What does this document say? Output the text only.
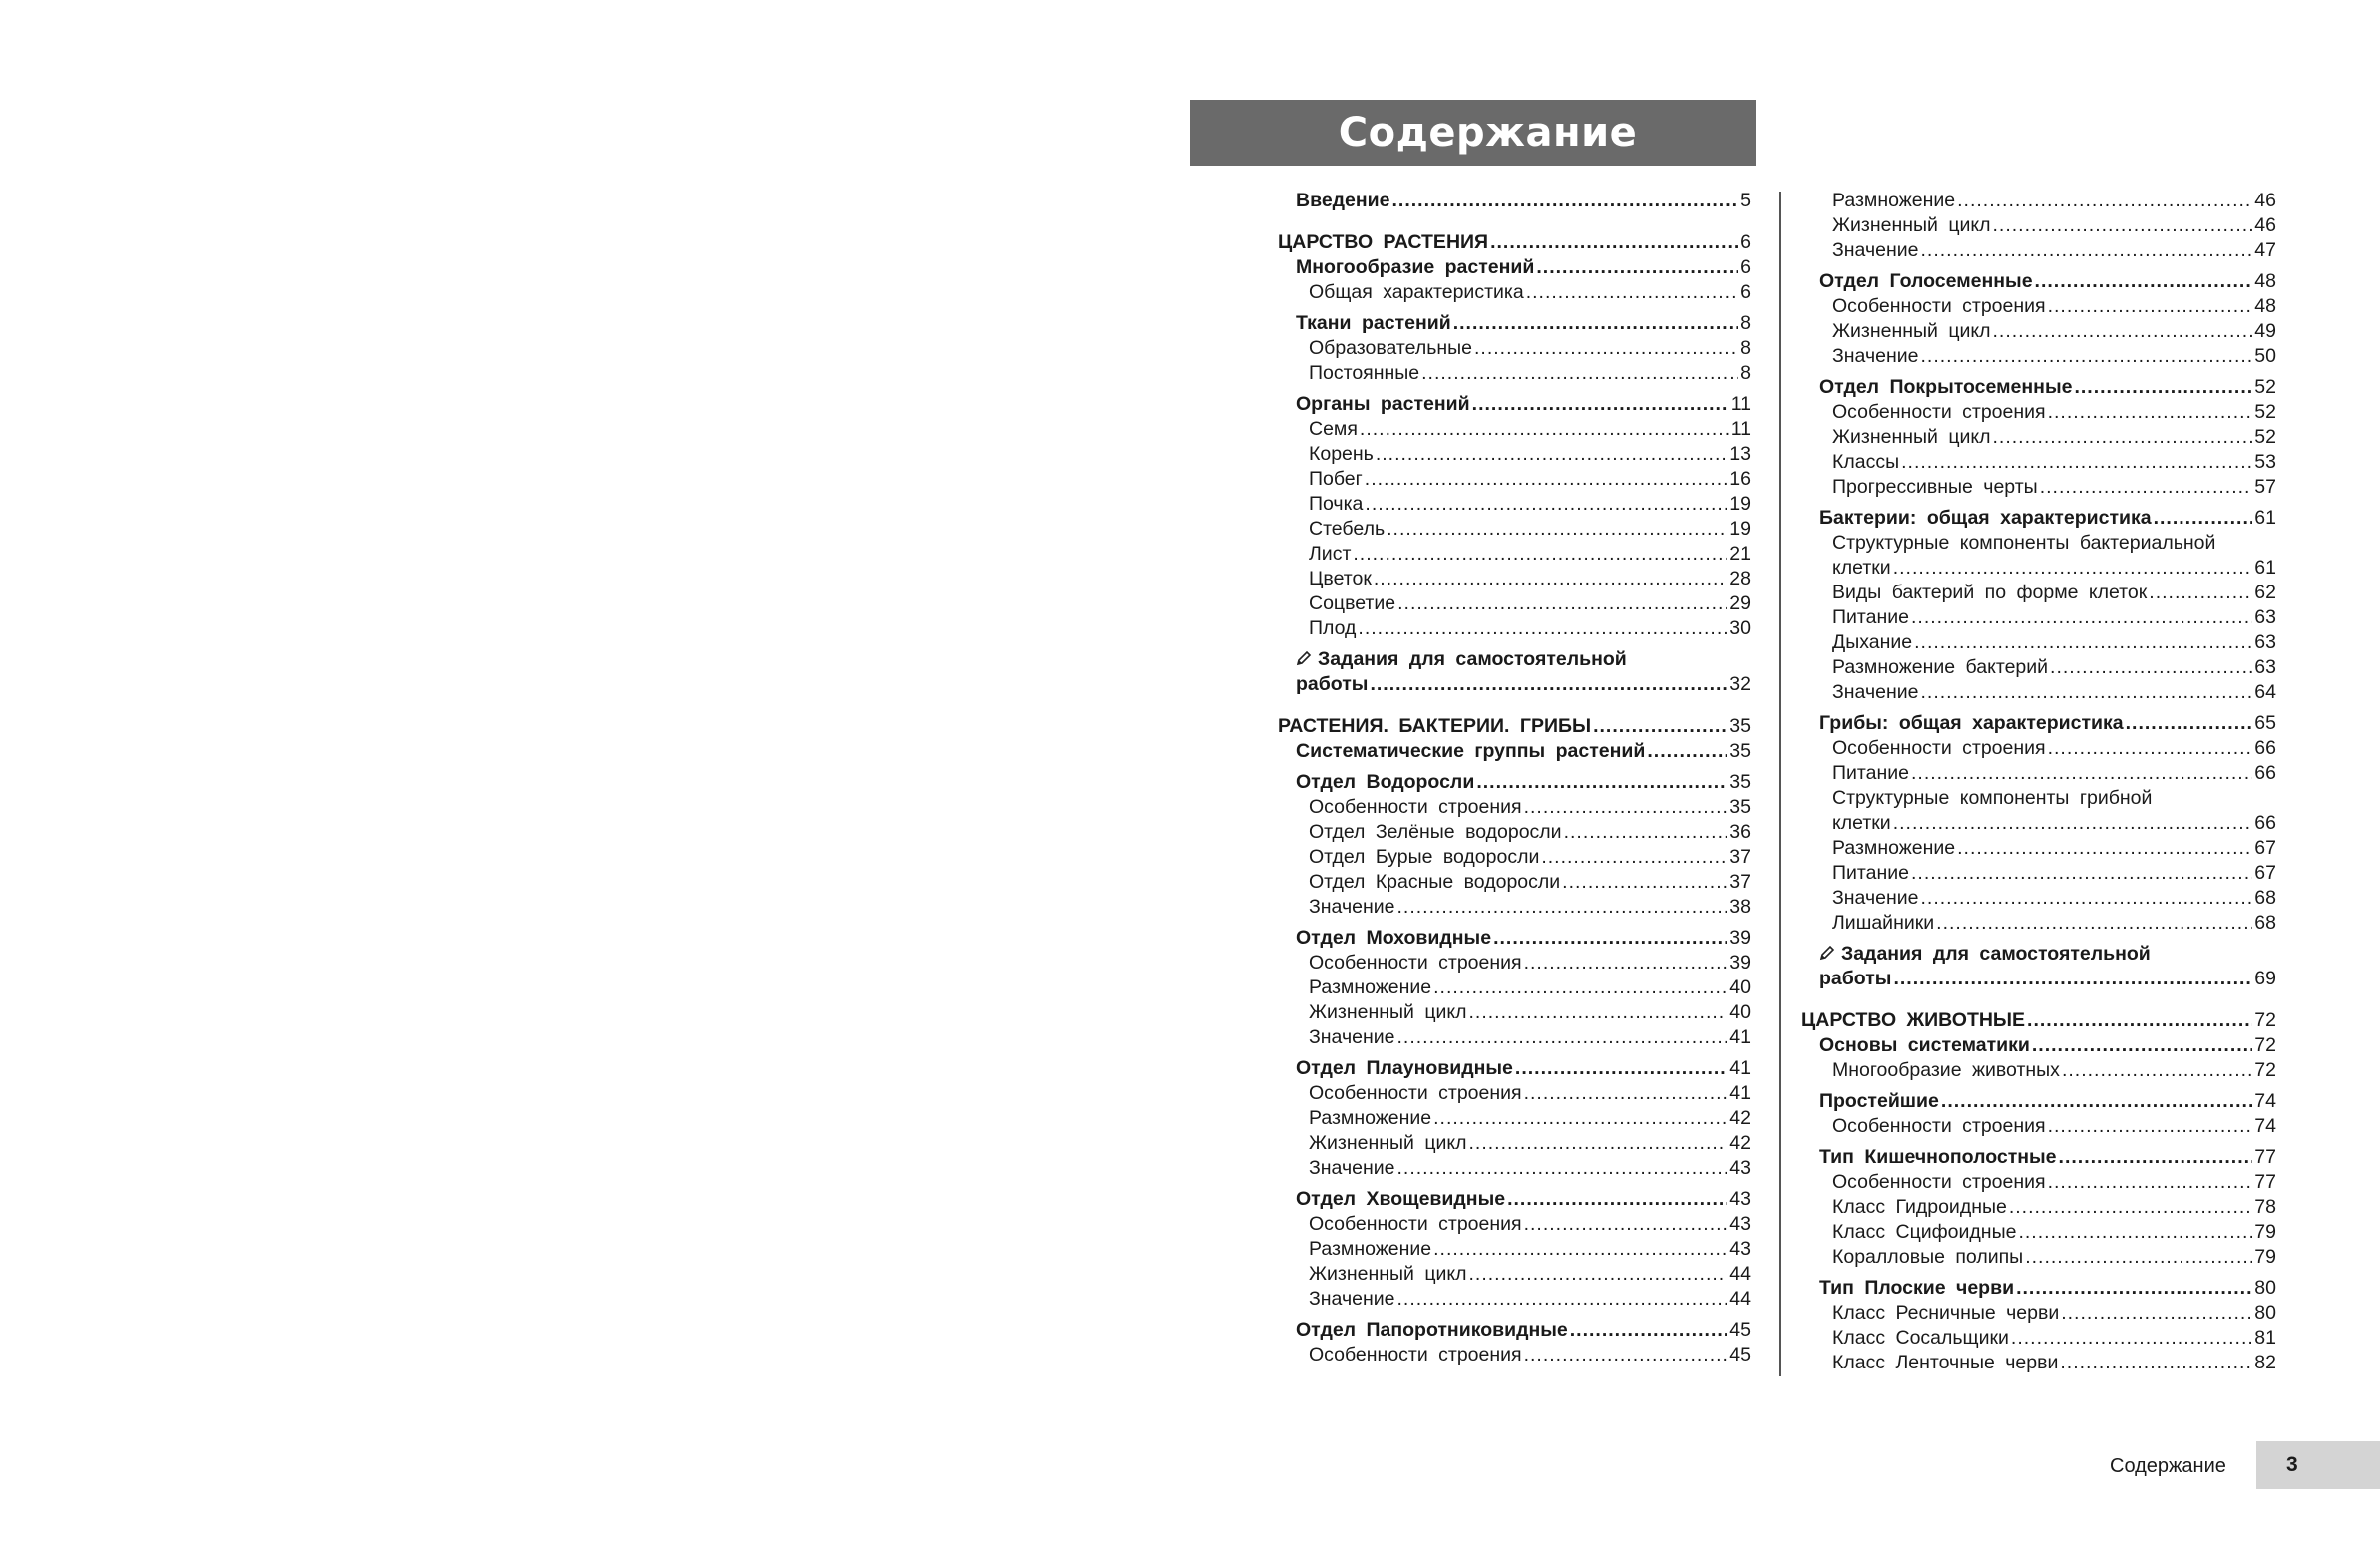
Содержание
Введение .....	5
ЦАРСТВО РАСТЕНИЯ .....	6
Многообразие растений .....	6
Общая характеристика .....	6
Ткани растений .....	8
Образовательные .....	8
Постоянные .....	8
Органы растений .....	11
Семя .....	11
Корень .....	13
Побег .....	16
Почка .....	19
Стебель .....	19
Лист .....	21
Цветок .....	28
Соцветие .....	29
Плод .....	30
Задания для самостоятельной
работы .....	32
РАСТЕНИЯ. БАКТЕРИИ. ГРИБЫ .....	35
Систематические группы растений .....	35
Отдел Водоросли .....	35
Особенности строения .....	35
Отдел Зелёные водоросли .....	36
Отдел Бурые водоросли .....	37
Отдел Красные водоросли .....	37
Значение .....	38
Отдел Моховидные .....	39
Особенности строения .....	39
Размножение .....	40
Жизненный цикл .....	40
Значение .....	41
Отдел Плауновидные .....	41
Особенности строения .....	41
Размножение .....	42
Жизненный цикл .....	42
Значение .....	43
Отдел Хвощевидные .....	43
Особенности строения .....	43
Размножение .....	43
Жизненный цикл .....	44
Значение .....	44
Отдел Папоротниковидные .....	45
Особенности строения .....	45
Размножение .....	46
Жизненный цикл .....	46
Значение .....	47
Отдел Голосеменные .....	48
Особенности строения .....	48
Жизненный цикл .....	49
Значение .....	50
Отдел Покрытосеменные .....	52
Особенности строения .....	52
Жизненный цикл .....	52
Классы .....	53
Прогрессивные черты .....	57
Бактерии: общая характеристика .....	61
Структурные компоненты бактериальной
клетки .....	61
Виды бактерий по форме клеток .....	62
Питание .....	63
Дыхание .....	63
Размножение бактерий .....	63
Значение .....	64
Грибы: общая характеристика .....	65
Особенности строения .....	66
Питание .....	66
Структурные компоненты грибной
клетки .....	66
Размножение .....	67
Питание .....	67
Значение .....	68
Лишайники .....	68
Задания для самостоятельной
работы .....	69
ЦАРСТВО ЖИВОТНЫЕ .....	72
Основы систематики .....	72
Многообразие животных .....	72
Простейшие .....	74
Особенности строения .....	74
Тип Кишечнополостные .....	77
Особенности строения .....	77
Класс Гидроидные .....	78
Класс Сцифоидные .....	79
Коралловые полипы .....	79
Тип Плоские черви .....	80
Класс Ресничные черви .....	80
Класс Сосальщики .....	81
Класс Ленточные черви .....	82
Содержание	3
